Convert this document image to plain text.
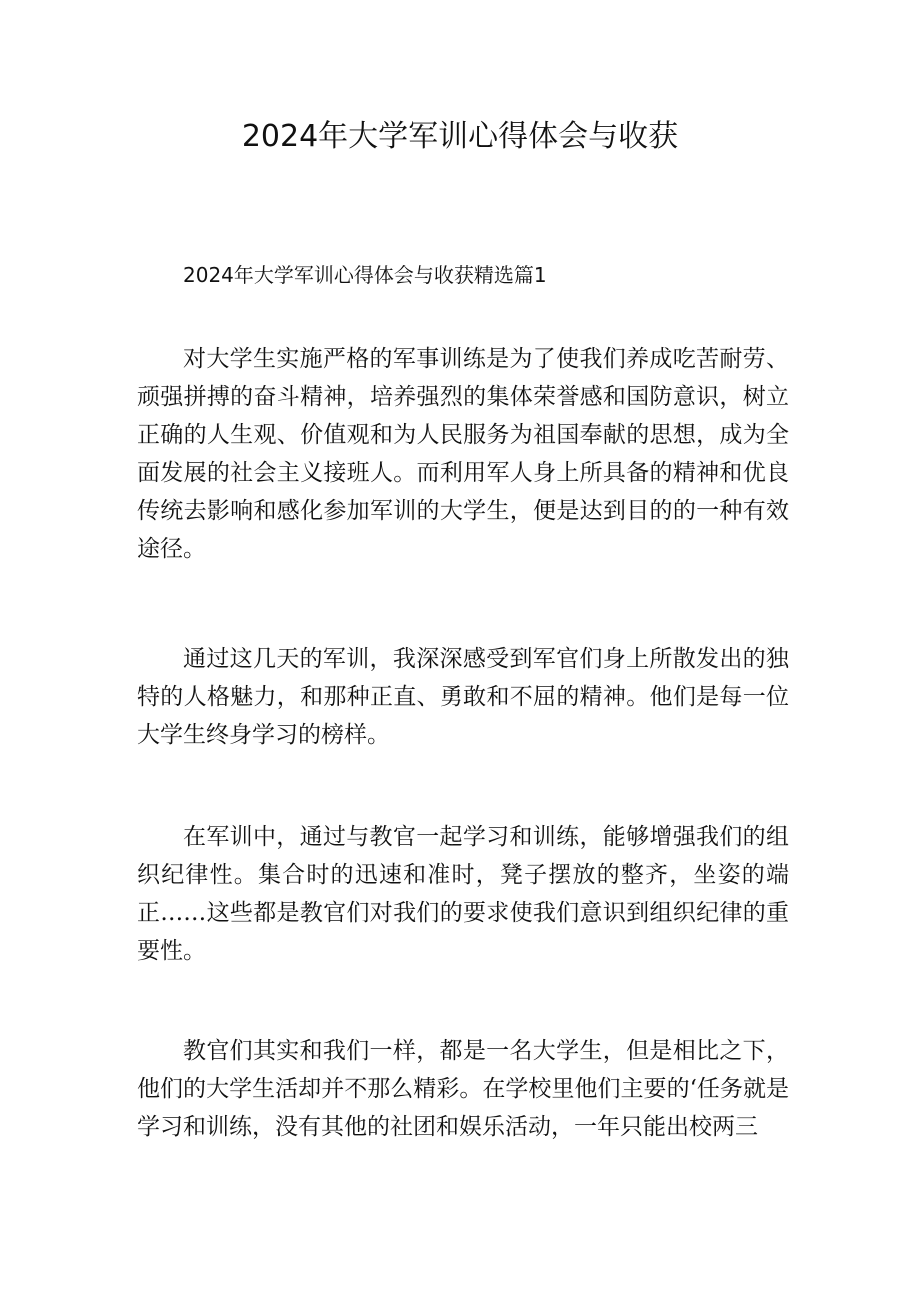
2024年大学军训心得体会与收获
2024年大学军训心得体会与收获精选篇1

对大学生实施严格的军事训练是为了使我们养成吃苦耐劳、顽强拼搏的奋斗精神，培养强烈的集体荣誉感和国防意识，树立正确的人生观、价值观和为人民服务为祖国奉献的思想，成为全面发展的社会主义接班人。而利用军人身上所具备的精神和优良传统去影响和感化参加军训的大学生，便是达到目的的一种有效途径。

通过这几天的军训，我深深感受到军官们身上所散发出的独特的人格魅力，和那种正直、勇敢和不屈的精神。他们是每一位大学生终身学习的榜样。

在军训中，通过与教官一起学习和训练，能够增强我们的组织纪律性。集合时的迅速和准时，凳子摆放的整齐，坐姿的端正……这些都是教官们对我们的要求使我们意识到组织纪律的重要性。

教官们其实和我们一样，都是一名大学生，但是相比之下，他们的大学生活却并不那么精彩。在学校里他们主要的‘任务就是学习和训练，没有其他的社团和娱乐活动，一年只能出校两三
